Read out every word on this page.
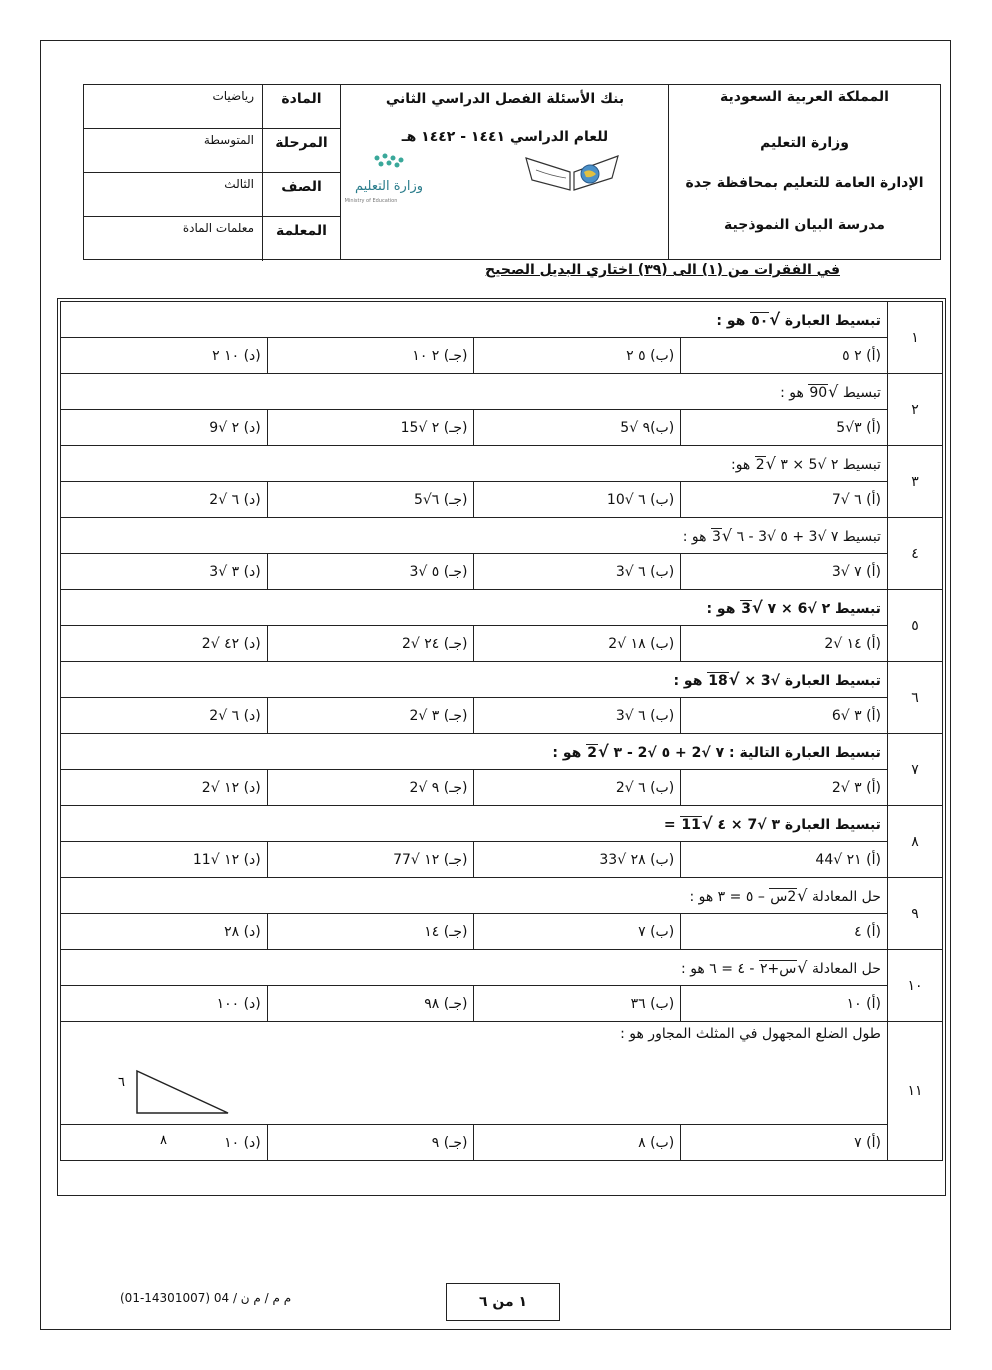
المملكة العربية السعودية
وزارة التعليم
الإدارة العامة للتعليم بمحافظة جدة
مدرسة البيان النموذجية
بنك الأسئلة الفصل الدراسي الثاني
للعام الدراسي ١٤٤١ - ١٤٤٢ هـ
المادة
رياضيات
المرحلة
المتوسطة
الصف
الثالث
المعلمة
معلمات المادة
وزارة التعليم
Ministry of Education
في الفقرات من (١) الى (٣٩) اختاري البديل الصحيح
تبسيط العبارة √٥٠ هو :				١
(د) ١٠ ٢	(جـ) ٢ ١٠	(ب) ٥ ٢	(أ) ٢ ٥	
تبسيط √90 هو :				٢
(د) ٢ √9	(جـ) ٢ √15	(ب)٩ √5	(أ) ٣√5	
تبسيط ٢ √5 × ٣ √2 هو:				٣
(د) ٦ √2	(جـ) ٦√5	(ب) ٦ √10	(أ) ٦ √7	
تبسيط ٧ √3 + ٥ √3 - ٦ √3 هو :				٤
(د) ٣ √3	(جـ) ٥ √3	(ب) ٦ √3	(أ) ٧ √3	
تبسيط ٢ √6 × ٧ √3 هو :				٥
(د) ٤٢ √2	(جـ) ٢٤ √2	(ب) ١٨ √2	(أ) ١٤ √2	
تبسيط العبارة √3 × √18 هو :				٦
(د) ٦ √2	(جـ) ٣ √2	(ب) ٦ √3	(أ) ٣ √6	
تبسيط العبارة التالية : ٧ √2 + ٥ √2 - ٣ √2 هو :				٧
(د) ١٢ √2	(جـ) ٩ √2	(ب) ٦ √2	(أ) ٣ √2	
تبسيط العبارة ٣ √7 × ٤ √11 =				٨
(د) ١٢ √11	(جـ) ١٢ √77	(ب) ٢٨ √33	(أ) ٢١ √44	
حل المعادلة √2س – ٥ = ٣ هو :				٩
(د) ٢٨	(جـ) ١٤	(ب) ٧	(أ) ٤	
حل المعادلة √س+٢ - ٤ = ٦ هو :				١٠
(د) ١٠٠	(جـ) ٩٨	(ب) ٣٦	(أ) ١٠	
طول الضلع المجهول في المثلث المجاور هو :				١١
(د) ١٠	(جـ) ٩	(ب) ٨	(أ) ٧	
٦
٨
(01-14301007) 04 / م م / م ن	١ من ٦
